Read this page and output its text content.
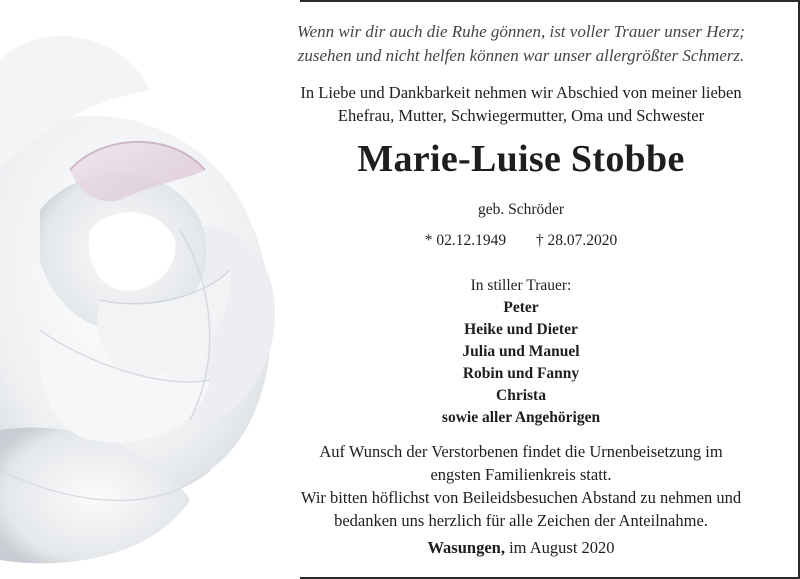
Wenn wir dir auch die Ruhe gönnen, ist voller Trauer unser Herz;
zusehen und nicht helfen können war unser allergrößter Schmerz.
In Liebe und Dankbarkeit nehmen wir Abschied von meiner lieben
Ehefrau, Mutter, Schwiegermutter, Oma und Schwester
Marie-Luise Stobbe
geb. Schröder
* 02.12.1949 † 28.07.2020
In stiller Trauer:
Peter
Heike und Dieter
Julia und Manuel
Robin und Fanny
Christa
sowie aller Angehörigen
Auf Wunsch der Verstorbenen findet die Urnenbeisetzung im
engsten Familienkreis statt.
Wir bitten höflichst von Beileidsbesuchen Abstand zu nehmen und
bedanken uns herzlich für alle Zeichen der Anteilnahme.
Wasungen, im August 2020
